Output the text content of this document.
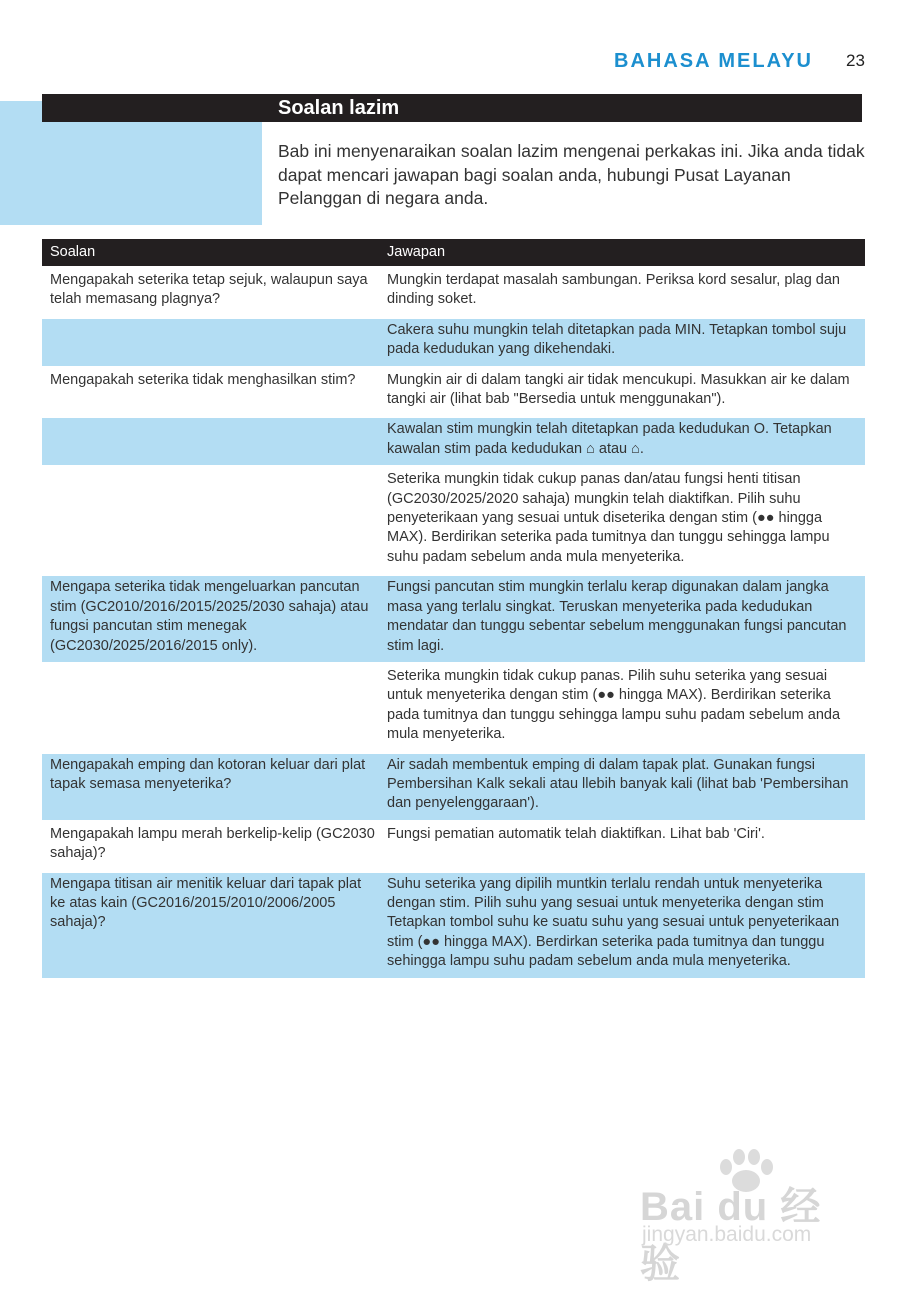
BAHASA MELAYU 23
Soalan lazim
Bab ini menyenaraikan soalan lazim mengenai perkakas ini. Jika anda tidak dapat mencari jawapan bagi soalan anda, hubungi Pusat Layanan Pelanggan di negara anda.
Soalan	Jawapan
Mengapakah seterika tetap sejuk, walaupun saya telah memasang plagnya?
Mungkin terdapat masalah sambungan. Periksa kord sesalur, plag dan dinding soket.
Cakera suhu mungkin telah ditetapkan pada MIN. Tetapkan tombol suju pada kedudukan yang dikehendaki.
Mengapakah seterika tidak menghasilkan stim?	Mungkin air di dalam tangki air tidak mencukupi. Masukkan air ke dalam tangki air (lihat bab "Bersedia untuk menggunakan").
Kawalan stim mungkin telah ditetapkan pada kedudukan O. Tetapkan kawalan stim pada kedudukan ⌂ atau ⌂.
Seterika mungkin tidak cukup panas dan/atau fungsi henti titisan (GC2030/2025/2020 sahaja) mungkin telah diaktifkan. Pilih suhu penyeterikaan yang sesuai untuk diseterika dengan stim (●● hingga MAX). Berdirikan seterika pada tumitnya dan tunggu sehingga lampu suhu padam sebelum anda mula menyeterika.
Mengapa seterika tidak mengeluarkan pancutan stim (GC2010/2016/2015/2025/2030 sahaja) atau fungsi pancutan stim menegak (GC2030/2025/2016/2015 only).
Fungsi pancutan stim mungkin terlalu kerap digunakan dalam jangka masa yang terlalu singkat. Teruskan menyeterika pada kedudukan mendatar dan tunggu sebentar sebelum menggunakan fungsi pancutan stim lagi.
Seterika mungkin tidak cukup panas. Pilih suhu seterika yang sesuai untuk menyeterika dengan stim (●● hingga MAX). Berdirikan seterika pada tumitnya dan tunggu sehingga lampu suhu padam sebelum anda mula menyeterika.
Mengapakah emping dan kotoran keluar dari plat tapak semasa menyeterika?
Air sadah membentuk emping di dalam tapak plat. Gunakan fungsi Pembersihan Kalk sekali atau llebih banyak kali (lihat bab 'Pembersihan dan penyelenggaraan').
Mengapakah lampu merah berkelip-kelip (GC2030 sahaja)?
Fungsi pematian automatik telah diaktifkan. Lihat bab 'Ciri'.
Mengapa titisan air menitik keluar dari tapak plat ke atas kain (GC2016/2015/2010/2006/2005 sahaja)?
Suhu seterika yang dipilih muntkin terlalu rendah untuk menyeterika dengan stim. Pilih suhu yang sesuai untuk menyeterika dengan stim Tetapkan tombol suhu ke suatu suhu yang sesuai untuk penyeterikaan stim (●● hingga MAX). Berdirkan seterika pada tumitnya dan tunggu sehingga lampu suhu padam sebelum anda mula menyeterika.
Bai du 经验
jingyan.baidu.com
